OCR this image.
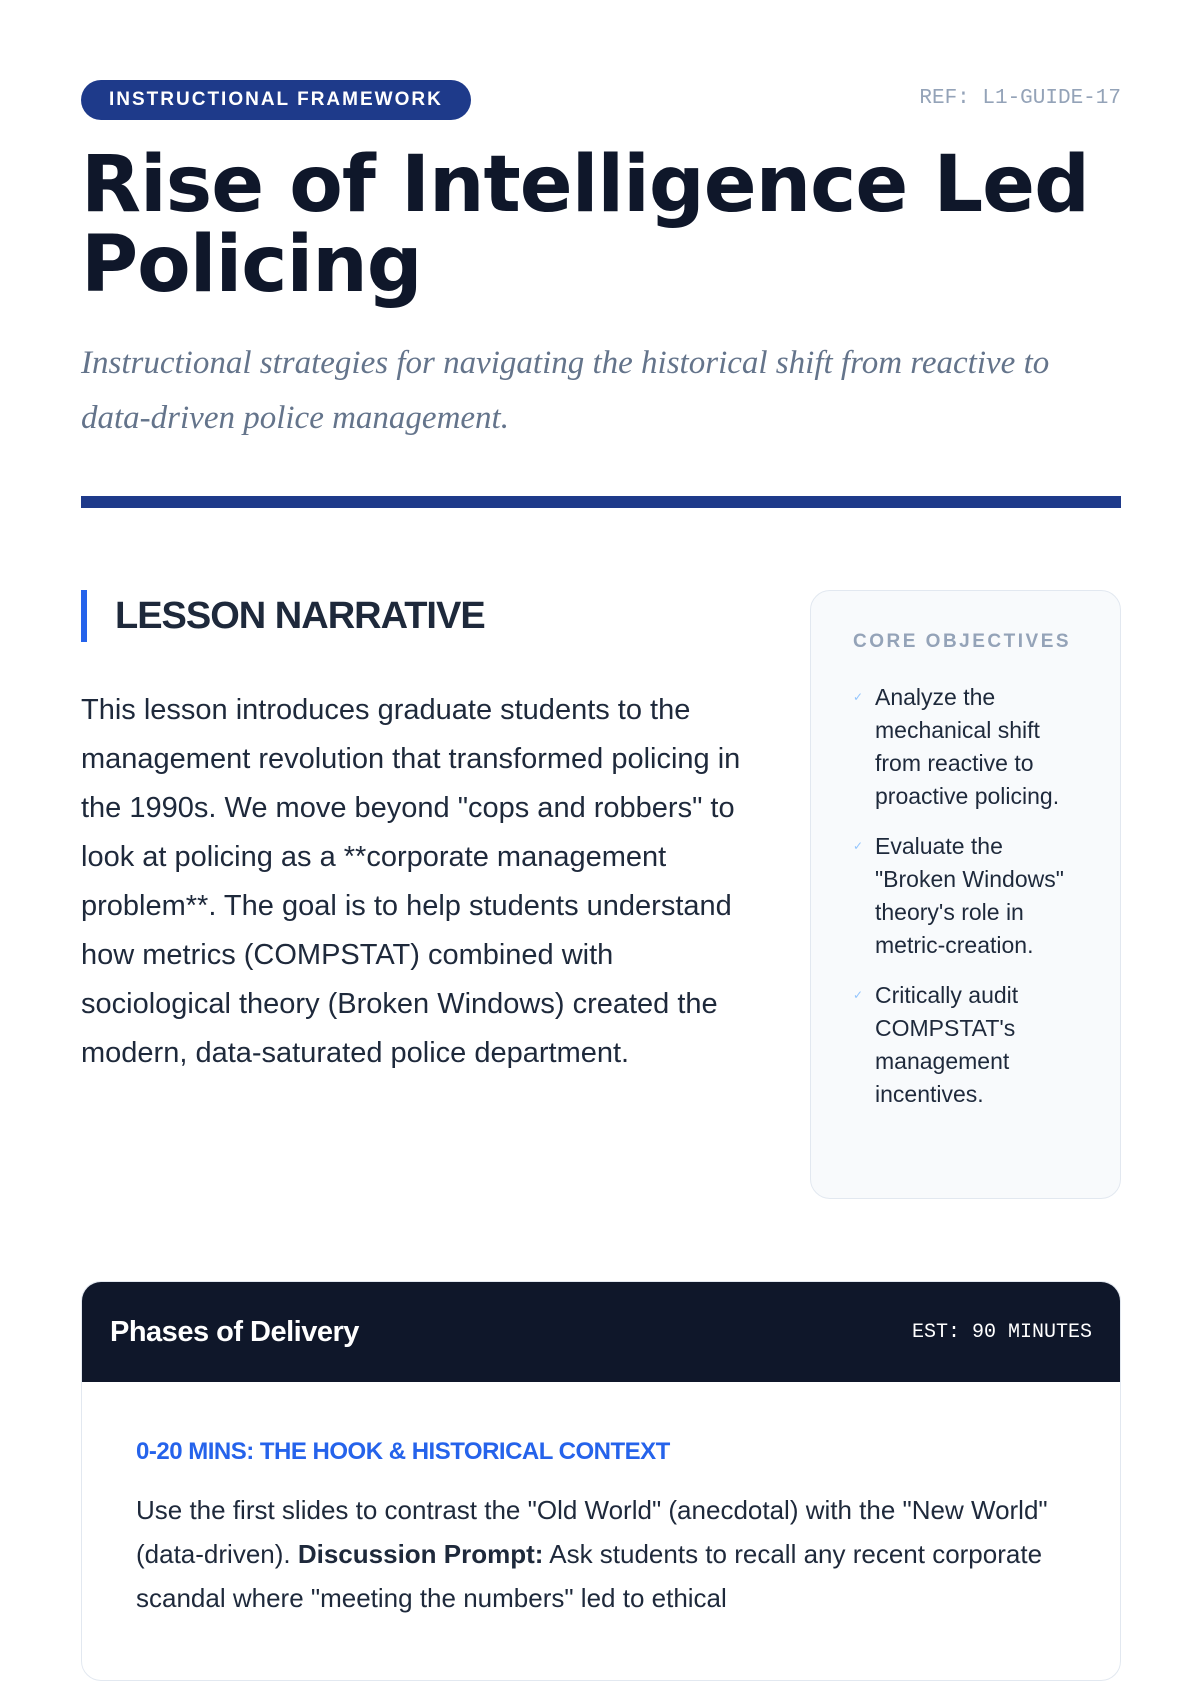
INSTRUCTIONAL FRAMEWORK	REF: L1-GUIDE-17
Rise of Intelligence Led Policing
Instructional strategies for navigating the historical shift from reactive to data-driven police management.
LESSON NARRATIVE

This lesson introduces graduate students to the management revolution that transformed policing in the 1990s. We move beyond "cops and robbers" to look at policing as a **corporate management problem**. The goal is to help students understand how metrics (COMPSTAT) combined with sociological theory (Broken Windows) created the modern, data-saturated police department.

CORE OBJECTIVES
✓ Analyze the mechanical shift from reactive to proactive policing.
✓ Evaluate the "Broken Windows" theory's role in metric-creation.
✓ Critically audit COMPSTAT's management incentives.
Phases of Delivery	EST: 90 MINUTES
0-20 MINS: THE HOOK & HISTORICAL CONTEXT
Use the first slides to contrast the "Old World" (anecdotal) with the "New World" (data-driven). Discussion Prompt: Ask students to recall any recent corporate scandal where "meeting the numbers" led to ethical
